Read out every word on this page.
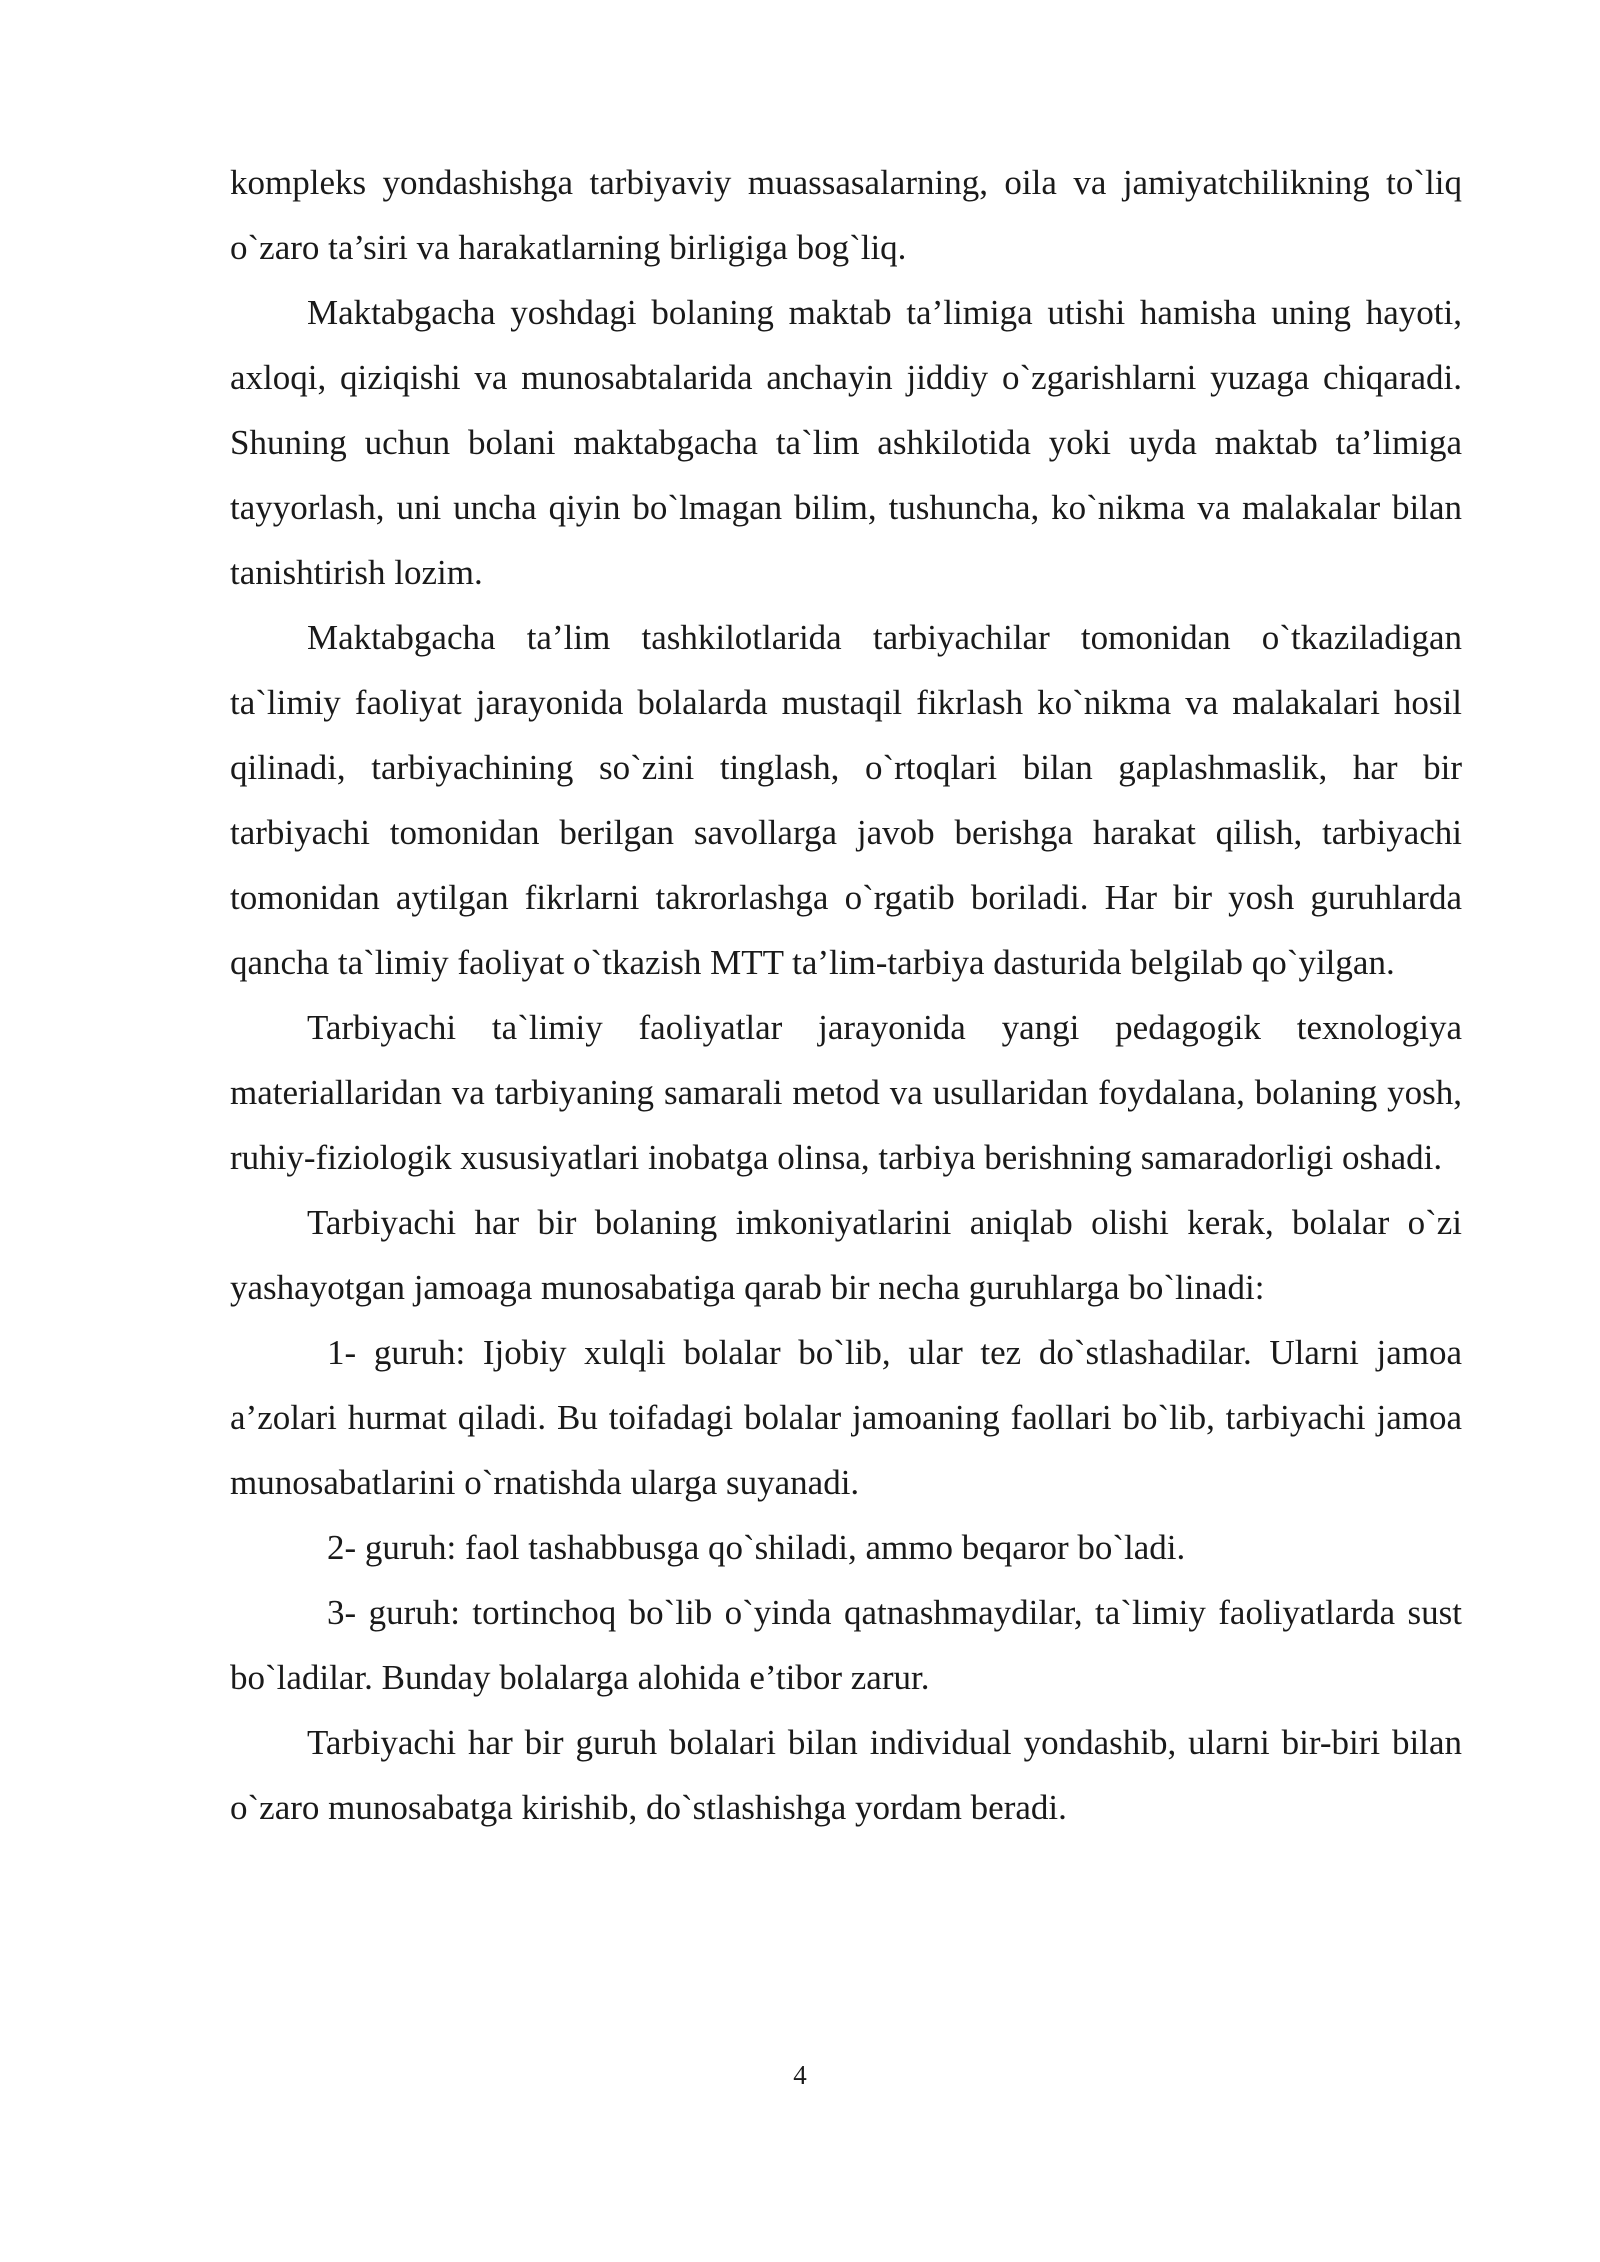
kompleks yondashishga tarbiyaviy muassasalarning, oila va jamiyatchilikning to`liq o`zaro ta’siri va harakatlarning birligiga bog`liq.

Maktabgacha yoshdagi bolaning maktab ta’limiga utishi hamisha uning hayoti, axloqi, qiziqishi va munosabtalarida anchayin jiddiy o`zgarishlarni yuzaga chiqaradi. Shuning uchun bolani maktabgacha ta`lim ashkilotida yoki uyda maktab ta’limiga tayyorlash, uni uncha qiyin bo`lmagan bilim, tushuncha, ko`nikma va malakalar bilan tanishtirish lozim.

Maktabgacha ta’lim tashkilotlarida tarbiyachilar tomonidan o`tkaziladigan ta`limiy faoliyat jarayonida bolalarda mustaqil fikrlash ko`nikma va malakalari hosil qilinadi, tarbiyachining so`zini tinglash, o`rtoqlari bilan gaplashmaslik, har bir tarbiyachi tomonidan berilgan savollarga javob berishga harakat qilish, tarbiyachi tomonidan aytilgan fikrlarni takrorlashga o`rgatib boriladi. Har bir yosh guruhlarda qancha ta`limiy faoliyat o`tkazish MTT ta’lim-tarbiya dasturida belgilab qo`yilgan.

Tarbiyachi ta`limiy faoliyatlar jarayonida yangi pedagogik texnologiya materiallaridan va tarbiyaning samarali metod va usullaridan foydalana, bolaning yosh, ruhiy-fiziologik xususiyatlari inobatga olinsa, tarbiya berishning samaradorligi oshadi.

Tarbiyachi har bir bolaning imkoniyatlarini aniqlab olishi kerak, bolalar o`zi yashayotgan jamoaga munosabatiga qarab bir necha guruhlarga bo`linadi:

1- guruh: Ijobiy xulqli bolalar bo`lib, ular tez do`stlashadilar. Ularni jamoa a’zolari hurmat qiladi. Bu toifadagi bolalar jamoaning faollari bo`lib, tarbiyachi jamoa munosabatlarini o`rnatishda ularga suyanadi.

2- guruh: faol tashabbusga qo`shiladi, ammo beqaror bo`ladi.

3- guruh: tortinchoq bo`lib o`yinda qatnashmaydilar, ta`limiy faoliyatlarda sust bo`ladilar. Bunday bolalarga alohida e’tibor zarur.

Tarbiyachi har bir guruh bolalari bilan individual yondashib, ularni bir-biri bilan o`zaro munosabatga kirishib, do`stlashishga yordam beradi.

4
